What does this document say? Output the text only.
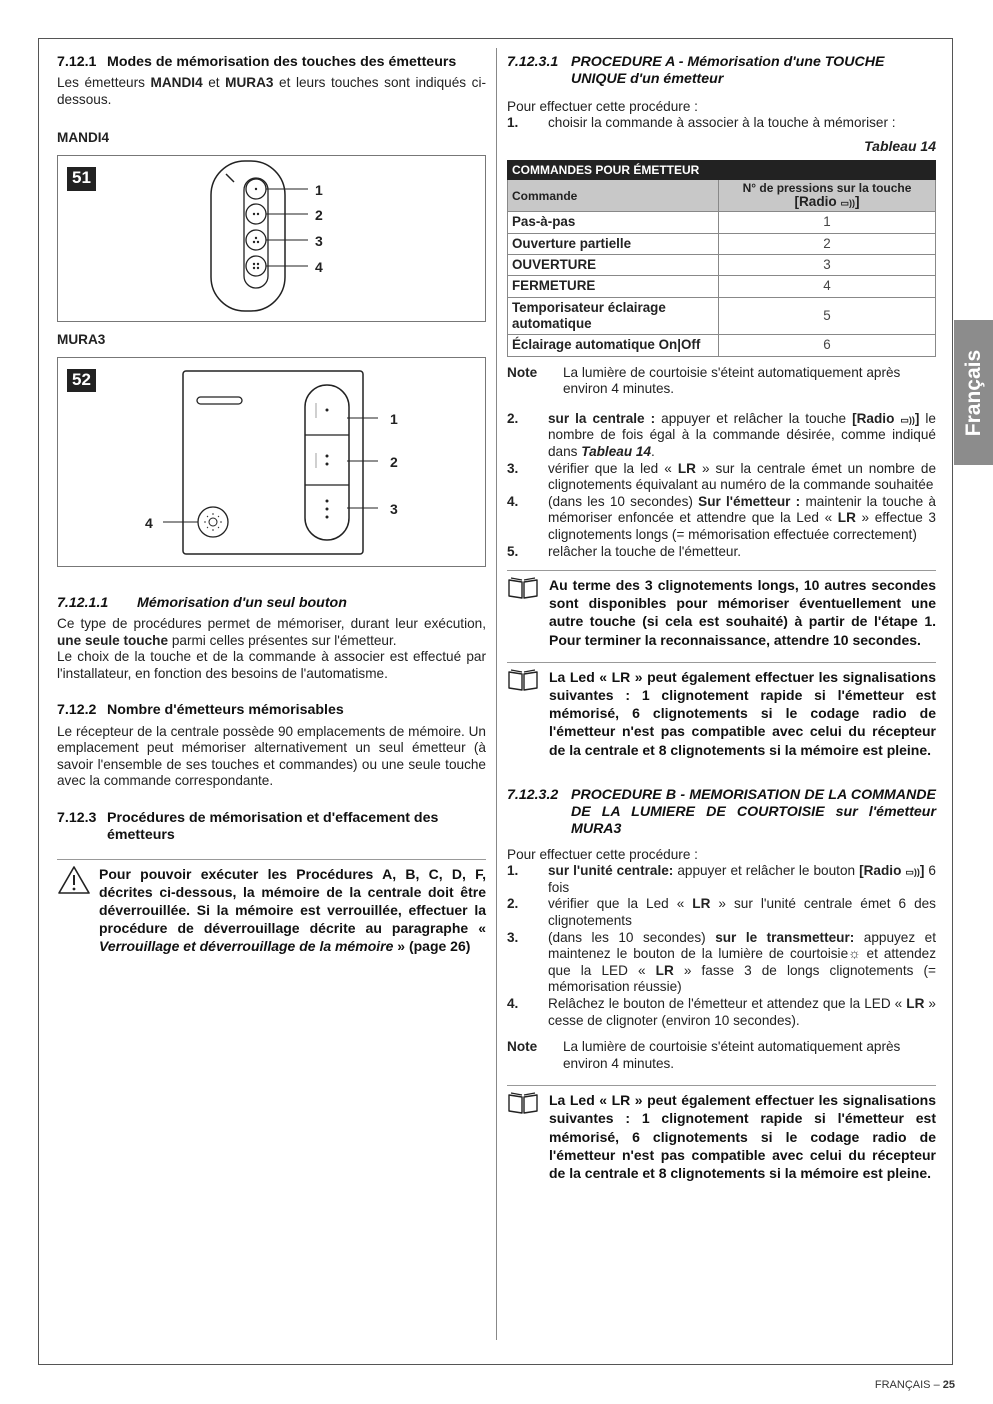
Français
7.12.1 Modes de mémorisation des touches des émetteurs

Les émetteurs MANDI4 et MURA3 et leurs touches sont indiqués ci-dessous.

MANDI4
51
1
2
3
4
MURA3
52
1
2
3
4
7.12.1.1	Mémorisation d'un seul bouton

Ce type de procédures permet de mémoriser, durant leur exécution, une seule touche parmi celles présentes sur l'émetteur.

Le choix de la touche et de la commande à associer est effectué par l'installateur, en fonction des besoins de l'automatisme.

7.12.2 Nombre d'émetteurs mémorisables

Le récepteur de la centrale possède 90 emplacements de mémoire. Un emplacement peut mémoriser alternativement un seul émetteur (à savoir l'ensemble de ses touches et commandes) ou une seule touche avec la commande correspondante.

7.12.3 Procédures de mémorisation et d'effacement des émetteurs
Pour pouvoir exécuter les Procédures A, B, C, D, F, décrites ci-dessous, la mémoire de la centrale doit être déverrouillée. Si la mémoire est verrouillée, effectuer la procédure de déverrouillage décrite au paragraphe « Verrouillage et déverrouillage de la mémoire » (page 26)
7.12.3.1 PROCEDURE A - Mémorisation d'une TOUCHE UNIQUE d'un émetteur

Pour effectuer cette procédure :

1.	choisir la commande à associer à la touche à mémoriser :
Tableau 14
COMMANDES POUR ÉMETTEUR	
Commande	N° de pressions sur la touche
[Radio ▭))]
Pas-à-pas	1
Ouverture partielle	2
OUVERTURE	3
FERMETURE	4
Temporisateur éclairage automatique	5
Éclairage automatique On|Off	6
Note	La lumière de courtoisie s'éteint automatiquement après environ 4 minutes.
2.	sur la centrale : appuyer et relâcher la touche [Radio ▭))] le nombre de fois égal à la commande désirée, comme indiqué dans Tableau 14.
3.	vérifier que la led « LR » sur la centrale émet un nombre de clignotements équivalant au numéro de la commande souhaitée
4.	(dans les 10 secondes) Sur l'émetteur : maintenir la touche à mémoriser enfoncée et attendre que la Led « LR » effectue 3 clignotements longs (= mémorisation effectuée correctement)
5.	relâcher la touche de l'émetteur.
Au terme des 3 clignotements longs, 10 autres secondes sont disponibles pour mémoriser éventuellement une autre touche (si cela est souhaité) à partir de l'étape 1. Pour terminer la reconnaissance, attendre 10 secondes.
La Led « LR » peut également effectuer les signalisations suivantes : 1 clignotement rapide si l'émetteur est mémorisé, 6 clignotements si le codage radio de l'émetteur n'est pas compatible avec celui du récepteur de la centrale et 8 clignotements si la mémoire est pleine.
7.12.3.2 PROCEDURE B - MEMORISATION DE LA COMMANDE DE LA LUMIERE DE COURTOISIE sur l'émetteur MURA3

Pour effectuer cette procédure :

1.	sur l'unité centrale: appuyer et relâcher le bouton [Radio ▭))] 6 fois
2.	vérifier que la Led « LR » sur l'unité centrale émet 6 des clignotements
3.	(dans les 10 secondes) sur le transmetteur: appuyez et maintenez le bouton de la lumière de courtoisie☼ et attendez que la LED « LR » fasse 3 de longs clignotements (= mémorisation réussie)
4.	Relâchez le bouton de l'émetteur et attendez que la LED « LR » cesse de clignoter (environ 10 secondes).
Note	La lumière de courtoisie s'éteint automatiquement après environ 4 minutes.
La Led « LR » peut également effectuer les signalisations suivantes : 1 clignotement rapide si l'émetteur est mémorisé, 6 clignotements si le codage radio de l'émetteur n'est pas compatible avec celui du récepteur de la centrale et 8 clignotements si la mémoire est pleine.
FRANÇAIS – 25
